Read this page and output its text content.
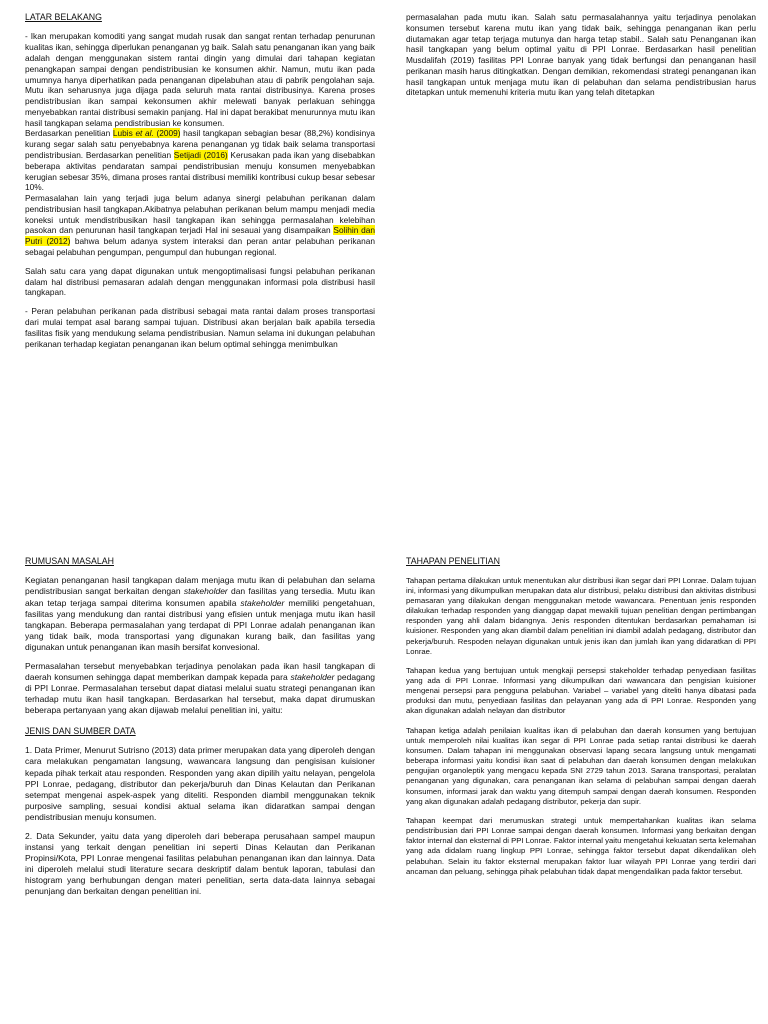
LATAR BELAKANG

- Ikan merupakan komoditi yang sangat mudah rusak dan sangat rentan terhadap penurunan kualitas ikan, sehingga diperlukan penanganan yg baik. Salah satu penanganan ikan yang baik adalah dengan menggunakan sistem rantai dingin yang dimulai dari tahapan kegiatan penangkapan sampai dengan pendistribusian ke konsumen akhir. Namun, mutu ikan pada umumnya hanya diperhatikan pada penanganan dipelabuhan atau di pabrik pengolahan saja. Mutu ikan seharusnya juga dijaga pada seluruh mata rantai distribusinya. Karena proses pendistribusian ikan sampai kekonsumen akhir melewati banyak perlakuan sehingga menyebabkan rantai distribusi semakin panjang. Hal ini dapat berakibat menurunnya mutu ikan hasil tangkapan selama pendistribusian ke konsumen.

Berdasarkan penelitian Lubis et al. (2009) hasil tangkapan sebagian besar (88,2%) kondisinya kurang segar salah satu penyebabnya karena penanganan yg tidak baik selama transportasi pendistribusian. Berdasarkan penelitian Setijadi (2016) Kerusakan pada ikan yang disebabkan beberapa aktivitas pendaratan sampai pendistribusian menuju konsumen menyebabkan kerugian sebesar 35%, dimana proses rantai distribusi memiliki kontribusi cukup besar sebesar 10%.

Permasalahan lain yang terjadi juga belum adanya sinergi pelabuhan perikanan dalam pendistribusian hasil tangkapan.Akibatnya pelabuhan perikanan belum mampu menjadi media koneksi untuk mendistribusikan hasil tangkapan ikan sehingga permasalahan kelebihan pasokan dan penurunan hasil tangkapan terjadi Hal ini sesauai yang disampaikan Solihin dan Putri (2012) bahwa belum adanya system interaksi dan peran antar pelabuhan perikanan sebagai pelabuhan pengumpan, pengumpul dan hubungan regional.

Salah satu cara yang dapat digunakan untuk mengoptimalisasi fungsi pelabuhan perikanan dalam hal distribusi pemasaran adalah dengan menggunakan informasi pola distribusi hasil tangkapan.

- Peran pelabuhan perikanan pada distribusi sebagai mata rantai dalam proses transportasi dari mulai tempat asal barang sampai tujuan. Distribusi akan berjalan baik apabila tersedia fasilitas fisik yang mendukung selama pendistribusian. Namun selama ini dukungan pelabuhan perikanan terhadap kegiatan penanganan ikan belum optimal sehingga menimbulkan

permasalahan pada mutu ikan. Salah satu permasalahannya yaitu terjadinya penolakan konsumen tersebut karena mutu ikan yang tidak baik, sehingga penanganan ikan perlu diutamakan agar tetap terjaga mutunya dan harga tetap stabil.. Salah satu Penanganan ikan hasil tangkapan yang belum optimal yaitu di PPI Lonrae. Berdasarkan hasil penelitian Musdalifah (2019) fasilitas PPI Lonrae banyak yang tidak berfungsi dan penanganan hasil perikanan masih harus ditingkatkan. Dengan demikian, rekomendasi strategi penanganan ikan hasil tangkapan untuk menjaga mutu ikan di pelabuhan dan selama pendistribusian harus ditetapkan untuk memenuhi kriteria mutu ikan yang telah ditetapkan

RUMUSAN MASALAH

Kegiatan penanganan hasil tangkapan dalam menjaga mutu ikan di pelabuhan dan selama pendistribusian sangat berkaitan dengan stakeholder dan fasilitas yang tersedia. Mutu ikan akan tetap terjaga sampai diterima konsumen apabila stakeholder memiliki pengetahuan, fasilitas yang mendukung dan rantai distribusi yang efisien untuk menjaga mutu ikan hasil tangkapan. Beberapa permasalahan yang terdapat di PPI Lonrae adalah penanganan ikan yang tidak baik, moda transportasi yang digunakan kurang baik, dan fasilitas yang digunakan untuk penanganan ikan masih bersifat konvesional.

Permasalahan tersebut menyebabkan terjadinya penolakan pada ikan hasil tangkapan di daerah konsumen sehingga dapat memberikan dampak kepada para stakeholder pedagang di PPI Lonrae. Permasalahan tersebut dapat diatasi melalui suatu strategi penanganan ikan terhadap mutu ikan hasil tangkapan. Berdasarkan hal tersebut, maka dapat dirumuskan beberapa pertanyaan yang akan dijawab melalui penelitian ini, yaitu:

JENIS DAN SUMBER DATA

1. Data Primer, Menurut Sutrisno (2013) data primer merupakan data yang diperoleh dengan cara melakukan pengamatan langsung, wawancara langsung dan pengisisan kuisioner kepada pihak terkait atau responden. Responden yang akan dipilih yaitu nelayan, pengelola PPI Lonrae, pedagang, distributor dan pekerja/buruh dan Dinas Kelautan dan Perikanan setempat mengenai aspek-aspek yang diteliti. Responden diambil menggunakan teknik purposive sampling, sesuai kondisi aktual selama ikan didaratkan sampai dengan pendistribusian menuju konsumen.

2. Data Sekunder, yaitu data yang diperoleh dari beberapa perusahaan sampel maupun instansi yang terkait dengan penelitian ini seperti Dinas Kelautan dan Perikanan Propinsi/Kota, PPI Lonrae mengenai fasilitas pelabuhan penanganan ikan dan lainnya. Data ini diperoleh melalui studi literature secara deskriptif dalam bentuk laporan, tabulasi dan histogram yang berhubungan dengan materi penelitian, serta data-data lainnya sebagai penunjang dan berkaitan dengan penelitian ini.

TAHAPAN PENELITIAN

Tahapan pertama dilakukan untuk menentukan alur distribusi ikan segar dari PPI Lonrae. Dalam tujuan ini, informasi yang dikumpulkan merupakan data alur distribusi, pelaku distribusi dan aktivitas distribusi pemasaran yang dilakukan dengan menggunakan metode wawancara. Penentuan jenis responden dilakukan terhadap responden yang dianggap dapat mewakili tujuan penelitian dengan pertimbangan responden yang ahli dalam bidangnya. Jenis responden ditentukan berdasarkan pemahaman isi kuisioner. Responden yang akan diambil dalam penelitian ini diambil adalah pedagang, distributor dan pekerja/buruh. Respoden nelayan digunakan untuk jenis ikan dan jumlah ikan yang didaratkan di PPI Lonrae.

Tahapan kedua yang bertujuan untuk mengkaji persepsi stakeholder terhadap penyediaan fasilitas yang ada di PPI Lonrae. Informasi yang dikumpulkan dari wawancara dan pengisian kuisioner mengenai persepsi para pengguna pelabuhan. Variabel – variabel yang diteliti hanya dibatasi pada produksi dan mutu, penyediaan fasilitas dan pelayanan yang ada di PPI Lonrae. Responden yang akan digunakan adalah nelayan dan distributor

Tahapan ketiga adalah penilaian kualitas ikan di pelabuhan dan daerah konsumen yang bertujuan untuk memperoleh nilai kualitas ikan segar di PPI Lonrae pada setiap rantai distribusi ke daerah konsumen. Dalam tahapan ini menggunakan observasi lapang secara langsung untuk mengamati beberapa informasi yaitu kondisi ikan saat di pelabuhan dan daerah konsumen dengan melakukan pengujian organoleptik yang mengacu kepada SNI 2729 tahun 2013. Sarana transportasi, peralatan penanganan yang digunakan, cara penanganan ikan selama di pelabuhan sampai dengan daerah konsumen, informasi jarak dan waktu yang ditempuh sampai dengan daerah konsumen. Responden yang akan digunakan adalah pedagang distributor, pekerja dan supir.

Tahapan keempat dari merumuskan strategi untuk mempertahankan kualitas ikan selama pendistribusian dari PPI Lonrae sampai dengan daerah konsumen. Informasi yang berkaitan dengan faktor internal dan eksternal di PPI Lonrae. Faktor internal yaitu mengetahui kekuatan serta kelemahan yang ada didalam ruang lingkup PPI Lonrae, sehingga faktor tersebut dapat dikendalikan oleh pelabuhan. Selain itu faktor eksternal merupakan faktor luar wilayah PPI Lonrae yang terdiri dari ancaman dan peluang, sehingga pihak pelabuhan tidak dapat mengendalikan pada faktor tersebut.
